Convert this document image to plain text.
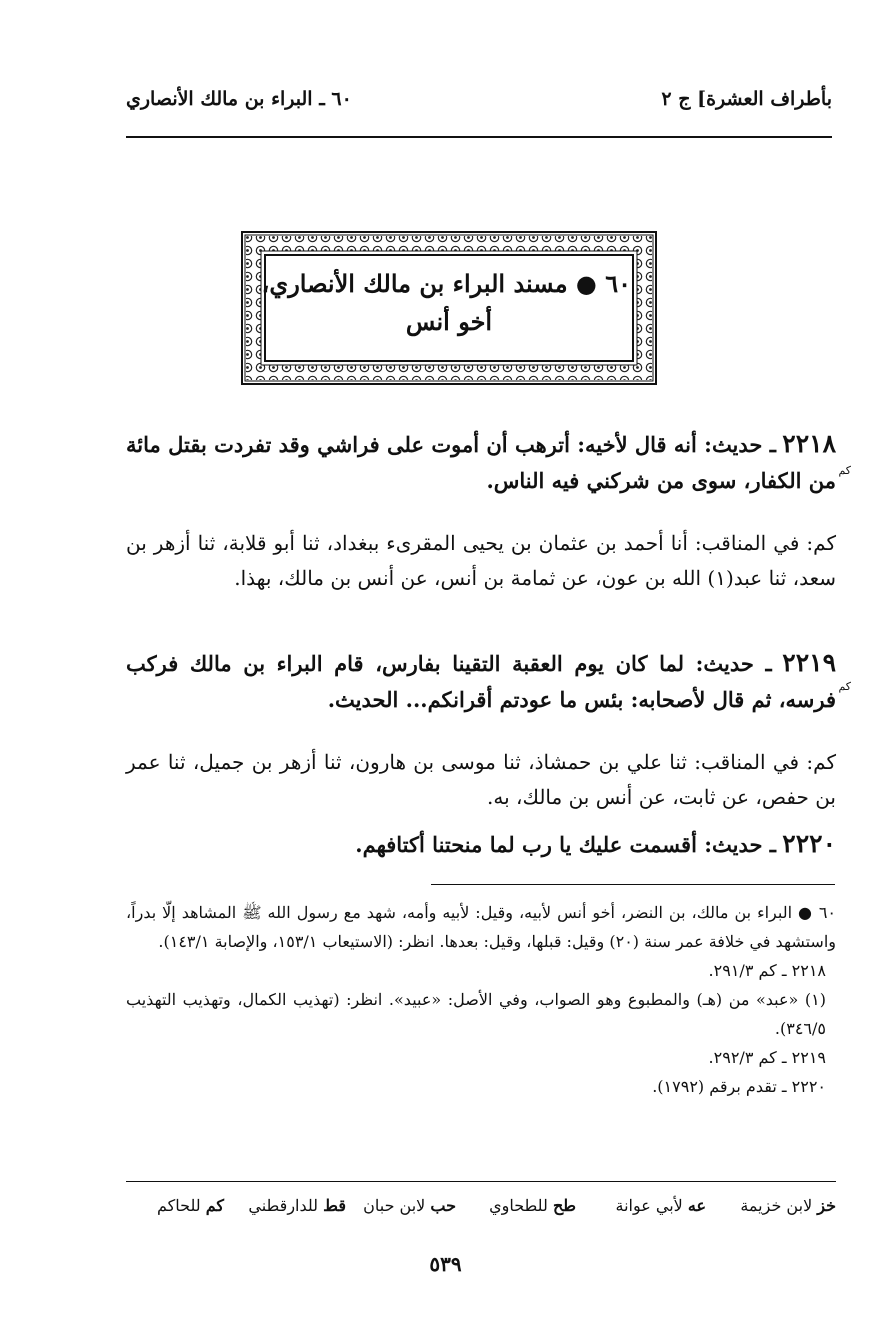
بأطراف العشرة] ج ٢
٦٠ ـ البراء بن مالك الأنصاري
٦٠ ● مسند البراء بن مالك الأنصاري،
أخو أنس
٢٢١٨ ـ حديث: أنه قال لأخيه: أترهب أن أموت على فراشي وقد تفردت بقتل مائة من الكفار، سوى من شركني فيه الناس. كم
كم: في المناقب: أنا أحمد بن عثمان بن يحيى المقرىء ببغداد، ثنا أبو قلابة، ثنا أزهر بن سعد، ثنا عبد(١) الله بن عون، عن ثمامة بن أنس، عن أنس بن مالك، بهذا.
٢٢١٩ ـ حديث: لما كان يوم العقبة التقينا بفارس، قام البراء بن مالك فركب فرسه، ثم قال لأصحابه: بئس ما عودتم أقرانكم... الحديث.
كم
كم: في المناقب: ثنا علي بن حمشاذ، ثنا موسى بن هارون، ثنا أزهر بن جميل، ثنا عمر بن حفص، عن ثابت، عن أنس بن مالك، به.
٢٢٢٠ ـ حديث: أقسمت عليك يا رب لما منحتنا أكتافهم.
٦٠ ● البراء بن مالك، بن النضر، أخو أنس لأبيه، وقيل: لأبيه وأمه، شهد مع رسول الله ﷺ المشاهد إلّا بدراً، واستشهد في خلافة عمر سنة (٢٠) وقيل: قبلها، وقيل: بعدها. انظر: (الاستيعاب ١٥٣/١، والإصابة ١٤٣/١).
٢٢١٨ ـ كم ٢٩١/٣.
(١) «عبد» من (هـ) والمطبوع وهو الصواب، وفي الأصل: «عبيد». انظر: (تهذيب الكمال، وتهذيب التهذيب ٣٤٦/٥).
٢٢١٩ ـ كم ٢٩٢/٣.
٢٢٢٠ ـ تقدم برقم (١٧٩٢).
خز لابن خزيمة
عه لأبي عوانة
طح للطحاوي
حب لابن حبان
قط للدارقطني
كم للحاكم
٥٣٩
